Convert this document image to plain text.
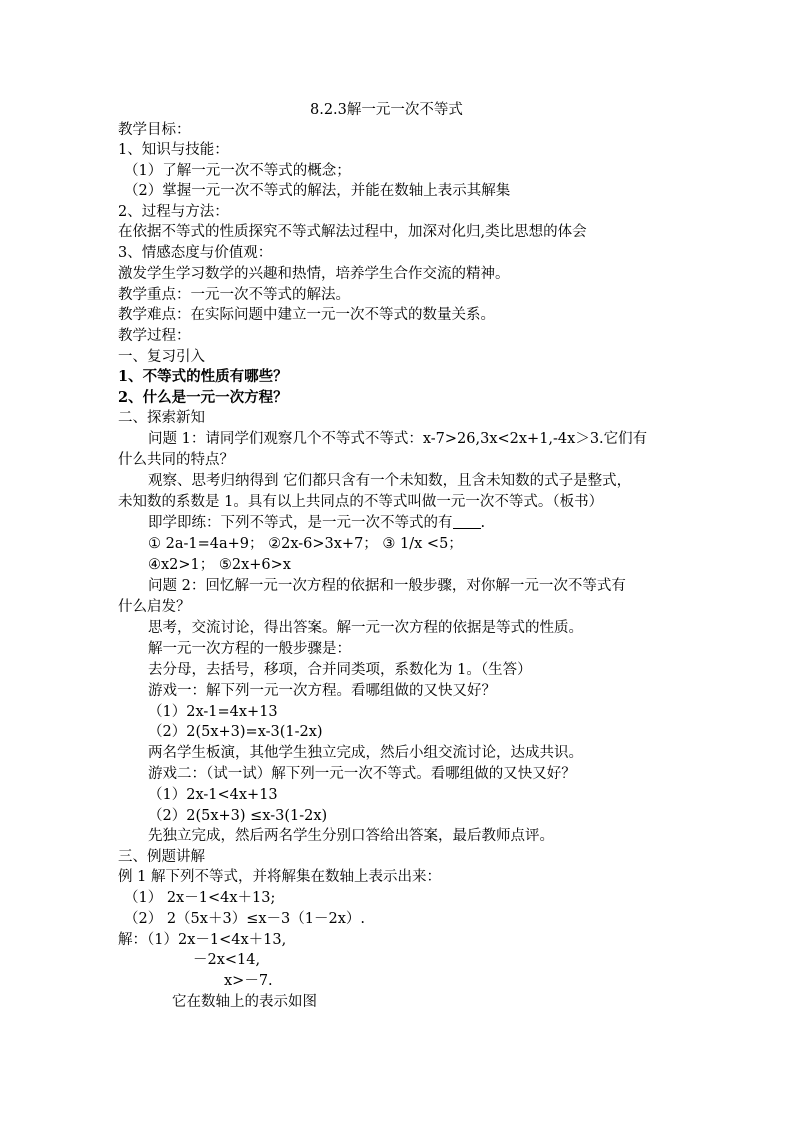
8.2.3解一元一次不等式
教学目标：
1、知识与技能：
（1）了解一元一次不等式的概念；
（2）掌握一元一次不等式的解法，并能在数轴上表示其解集
2、过程与方法：
在依据不等式的性质探究不等式解法过程中，加深对化归,类比思想的体会
3、情感态度与价值观：
激发学生学习数学的兴趣和热情，培养学生合作交流的精神。
教学重点：一元一次不等式的解法。
教学难点：在实际问题中建立一元一次不等式的数量关系。
教学过程：
一、复习引入
1、不等式的性质有哪些？
2、什么是一元一次方程？
二、探索新知
问题 1：请同学们观察几个不等式不等式：x-7>26,3x<2x+1,-4x＞3.它们有
什么共同的特点？
观察、思考归纳得到 它们都只含有一个未知数，且含未知数的式子是整式，
未知数的系数是 1。具有以上共同点的不等式叫做一元一次不等式。（板书）
即学即练：下列不等式，是一元一次不等式的有 .
① 2a-1=4a+9； ②2x-6>3x+7； ③ 1/x <5；
④x2>1； ⑤2x+6>x
问题 2：回忆解一元一次方程的依据和一般步骤，对你解一元一次不等式有
什么启发？
思考，交流讨论，得出答案。解一元一次方程的依据是等式的性质。
解一元一次方程的一般步骤是：
去分母，去括号，移项，合并同类项，系数化为 1。（生答）
游戏一：解下列一元一次方程。看哪组做的又快又好？
（1）2x-1=4x+13
（2）2(5x+3)=x-3(1-2x)
两名学生板演，其他学生独立完成，然后小组交流讨论，达成共识。
游戏二：（试一试）解下列一元一次不等式。看哪组做的又快又好？
（1）2x-1<4x+13
（2）2(5x+3) ≤x-3(1-2x)
先独立完成，然后两名学生分别口答给出答案，最后教师点评。
三、例题讲解
例 1 解下列不等式，并将解集在数轴上表示出来：
（1） 2x－1<4x＋13;
（2） 2（5x＋3）≤x－3（1－2x）.
解：（1）2x－1<4x＋13,
－2x<14,
x>－7.
它在数轴上的表示如图
